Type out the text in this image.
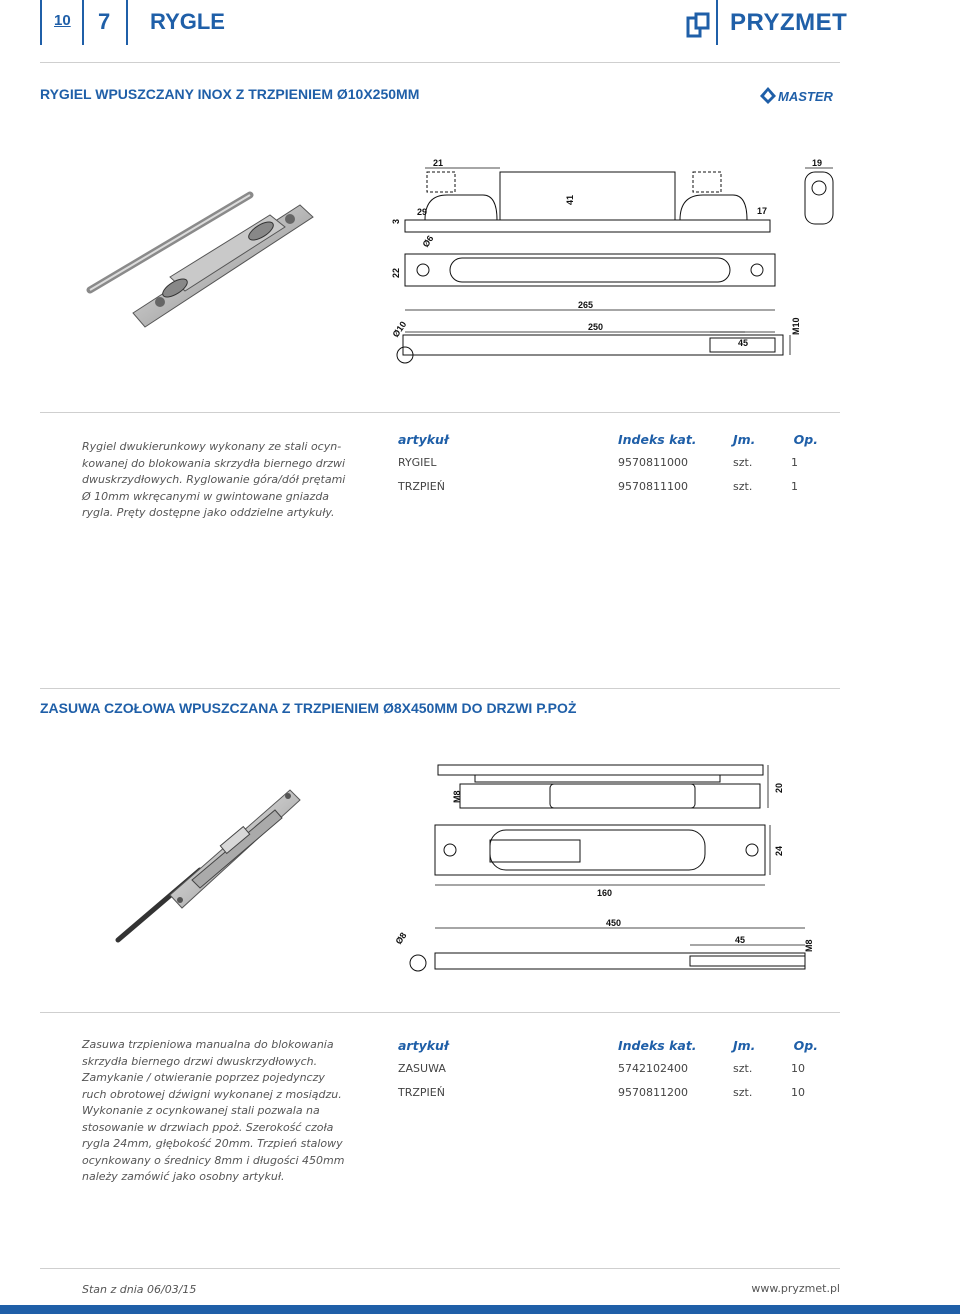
10 7 RYGLE	PRYZMET
RYGIEL WPUSZCZANY INOX Z TRZPIENIEM Ø10X250MM	MASTER
21	19
41
3
29	17
Ø6
22
265
250
45
Ø10	M10
Rygiel dwukierunkowy wykonany ze stali ocyn-
kowanej do blokowania skrzydła biernego drzwi
dwuskrzydłowych. Ryglowanie góra/dół prętami
Ø 10mm wkręcanymi w gwintowane gniazda
rygla. Pręty dostępne jako oddzielne artykuły.
artykuł	Indeks kat.	Jm.	Op.
RYGIEL	9570811000	szt.	1
TRZPIEŃ	9570811100	szt.	1
ZASUWA CZOŁOWA WPUSZCZANA Z TRZPIENIEM Ø8X450MM DO DRZWI P.POŻ
M8
20
24
160
450
45
Ø8	M8
Zasuwa trzpieniowa manualna do blokowania
skrzydła biernego drzwi dwuskrzydłowych.
Zamykanie / otwieranie poprzez pojedynczy
ruch obrotowej dźwigni wykonanej z mosiądzu.
Wykonanie z ocynkowanej stali pozwala na
stosowanie w drzwiach ppoż. Szerokość czoła
rygla 24mm, głębokość 20mm. Trzpień stalowy
ocynkowany o średnicy 8mm i długości 450mm
należy zamówić jako osobny artykuł.
artykuł	Indeks kat.	Jm.	Op.
ZASUWA	5742102400	szt.	10
TRZPIEŃ	9570811200	szt.	10
Stan z dnia 06/03/15	www.pryzmet.pl
